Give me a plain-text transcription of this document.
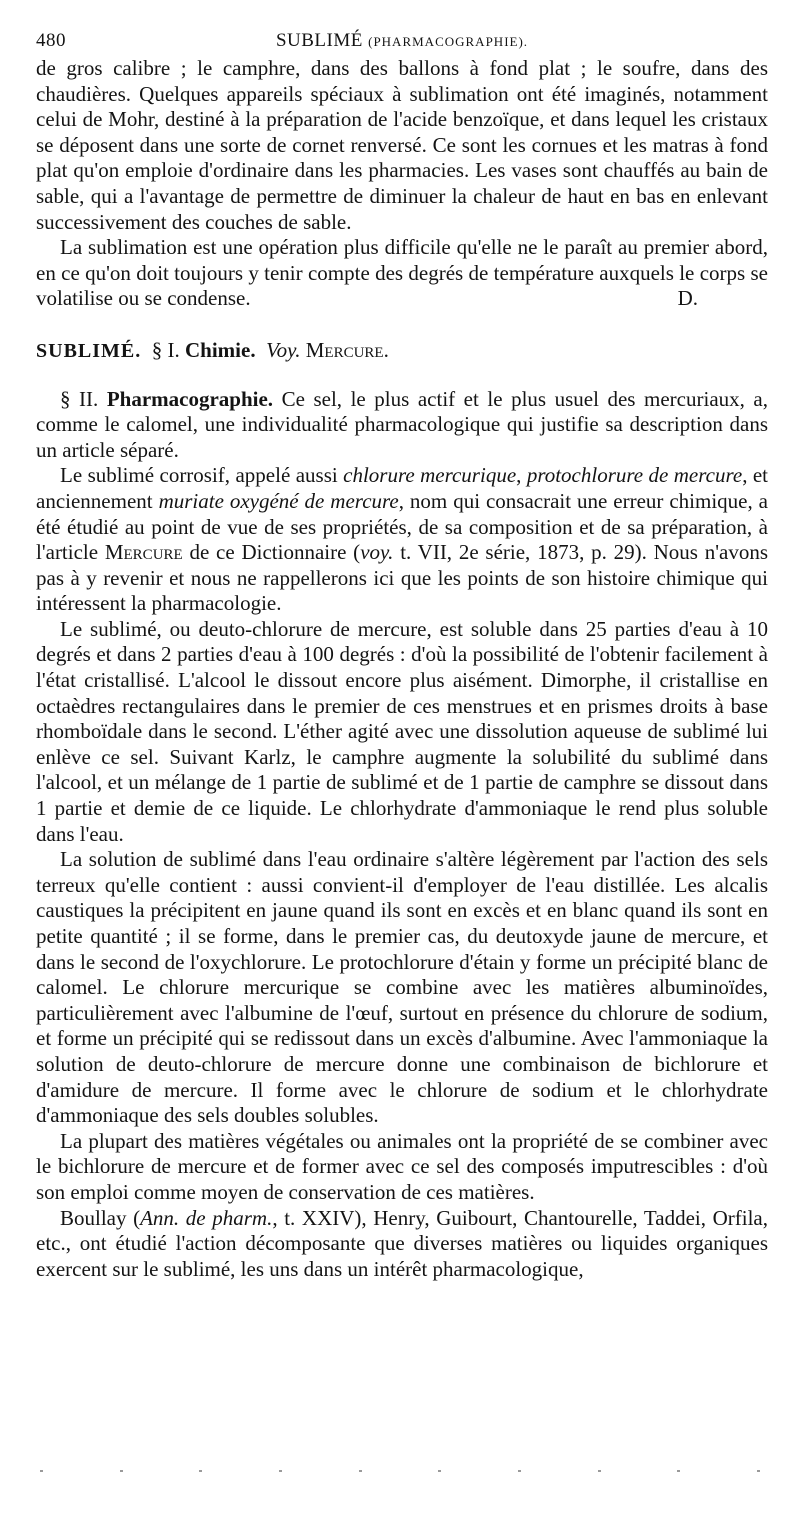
480	SUBLIMÉ (PHARMACOGRAPHIE).

de gros calibre ; le camphre, dans des ballons à fond plat ; le soufre, dans des chaudières. Quelques appareils spéciaux à sublimation ont été imaginés, notamment celui de Mohr, destiné à la préparation de l'acide benzoïque, et dans lequel les cristaux se déposent dans une sorte de cornet renversé. Ce sont les cornues et les matras à fond plat qu'on emploie d'ordinaire dans les pharmacies. Les vases sont chauffés au bain de sable, qui a l'avantage de permettre de diminuer la chaleur de haut en bas en enlevant successivement des couches de sable.

La sublimation est une opération plus difficile qu'elle ne le paraît au premier abord, en ce qu'on doit toujours y tenir compte des degrés de température auxquels le corps se volatilise ou se condense.	D.

SUBLIMÉ. § I. Chimie. Voy. Mercure.

§ II. Pharmacographie. Ce sel, le plus actif et le plus usuel des mercuriaux, a, comme le calomel, une individualité pharmacologique qui justifie sa description dans un article séparé.

Le sublimé corrosif, appelé aussi chlorure mercurique, protochlorure de mercure, et anciennement muriate oxygéné de mercure, nom qui consacrait une erreur chimique, a été étudié au point de vue de ses propriétés, de sa composition et de sa préparation, à l'article Mercure de ce Dictionnaire (voy. t. VII, 2e série, 1873, p. 29). Nous n'avons pas à y revenir et nous ne rappellerons ici que les points de son histoire chimique qui intéressent la pharmacologie.

Le sublimé, ou deuto-chlorure de mercure, est soluble dans 25 parties d'eau à 10 degrés et dans 2 parties d'eau à 100 degrés : d'où la possibilité de l'obtenir facilement à l'état cristallisé. L'alcool le dissout encore plus aisément. Dimorphe, il cristallise en octaèdres rectangulaires dans le premier de ces menstrues et en prismes droits à base rhomboïdale dans le second. L'éther agité avec une dissolution aqueuse de sublimé lui enlève ce sel. Suivant Karlz, le camphre augmente la solubilité du sublimé dans l'alcool, et un mélange de 1 partie de sublimé et de 1 partie de camphre se dissout dans 1 partie et demie de ce liquide. Le chlorhydrate d'ammoniaque le rend plus soluble dans l'eau.

La solution de sublimé dans l'eau ordinaire s'altère légèrement par l'action des sels terreux qu'elle contient : aussi convient-il d'employer de l'eau distillée. Les alcalis caustiques la précipitent en jaune quand ils sont en excès et en blanc quand ils sont en petite quantité ; il se forme, dans le premier cas, du deutoxyde jaune de mercure, et dans le second de l'oxychlorure. Le protochlorure d'étain y forme un précipité blanc de calomel. Le chlorure mercurique se combine avec les matières albuminoïdes, particulièrement avec l'albumine de l'œuf, surtout en présence du chlorure de sodium, et forme un précipité qui se redissout dans un excès d'albumine. Avec l'ammoniaque la solution de deuto-chlorure de mercure donne une combinaison de bichlorure et d'amidure de mercure. Il forme avec le chlorure de sodium et le chlorhydrate d'ammoniaque des sels doubles solubles.

La plupart des matières végétales ou animales ont la propriété de se combiner avec le bichlorure de mercure et de former avec ce sel des composés imputrescibles : d'où son emploi comme moyen de conservation de ces matières.

Boullay (Ann. de pharm., t. XXIV), Henry, Guibourt, Chantourelle, Taddei, Orfila, etc., ont étudié l'action décomposante que diverses matières ou liquides organiques exercent sur le sublimé, les uns dans un intérêt pharmacologique,
